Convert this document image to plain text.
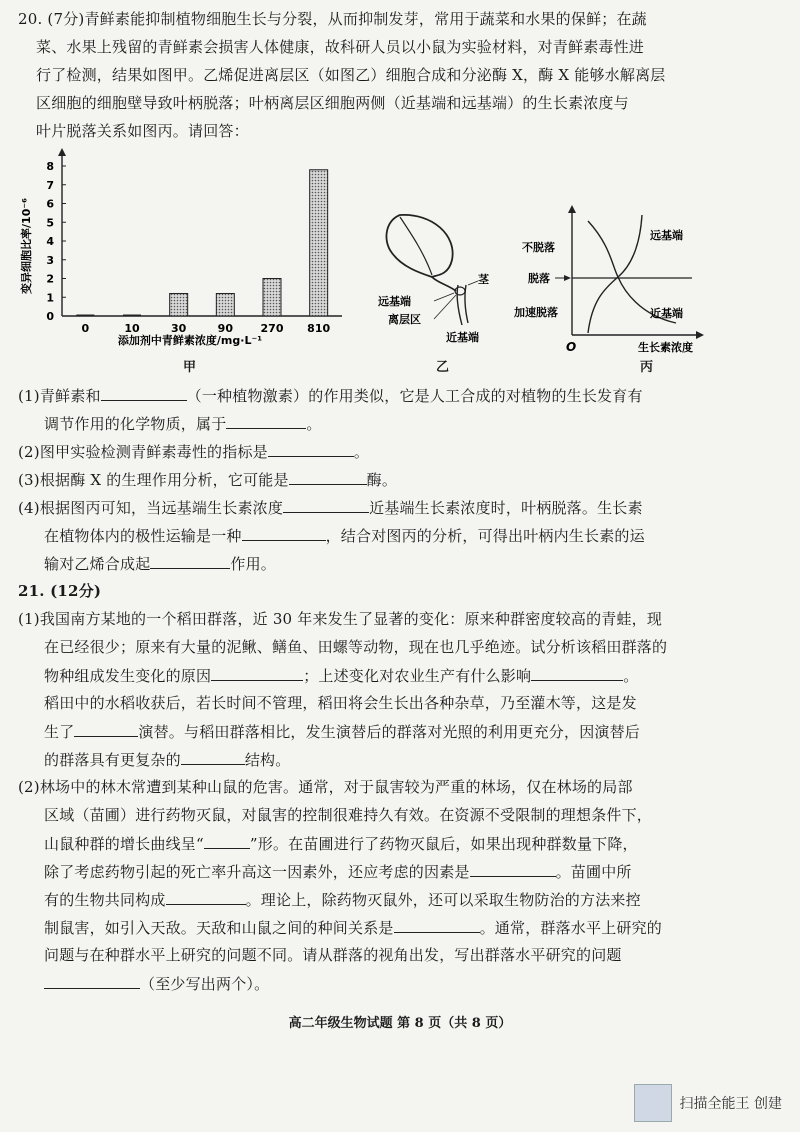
20. (7分)青鲜素能抑制植物细胞生长与分裂，从而抑制发芽，常用于蔬菜和水果的保鲜；在蔬
菜、水果上残留的青鲜素会损害人体健康，故科研人员以小鼠为实验材料，对青鲜素毒性进
行了检测，结果如图甲。乙烯促进离层区（如图乙）细胞合成和分泌酶 X，酶 X 能够水解离层
区细胞的细胞壁导致叶柄脱落；叶柄离层区细胞两侧（近基端和远基端）的生长素浓度与
叶片脱落关系如图丙。请回答：
0
1
2
3
4
5
6
7
8
0	10	30	90	270 810
变异细胞比率/10⁻⁶
添加剂中青鲜素浓度/mg·L⁻¹
甲
茎
远基端
离层区
近基端
乙
不脱落
脱落
加速脱落
远基端
近基端
O	生长素浓度
丙
(1)青鲜素和	（一种植物激素）的作用类似，它是人工合成的对植物的生长发育有
调节作用的化学物质，属于	。
(2)图甲实验检测青鲜素毒性的指标是	。
(3)根据酶 X 的生理作用分析，它可能是	酶。
(4)根据图丙可知，当远基端生长素浓度	近基端生长素浓度时，叶柄脱落。生长素
在植物体内的极性运输是一种	，结合对图丙的分析，可得出叶柄内生长素的运
输对乙烯合成起	作用。
21. (12分)
(1)我国南方某地的一个稻田群落，近 30 年来发生了显著的变化：原来种群密度较高的青蛙，现
在已经很少；原来有大量的泥鳅、鳝鱼、田螺等动物，现在也几乎绝迹。试分析该稻田群落的
物种组成发生变化的原因	；上述变化对农业生产有什么影响	。
稻田中的水稻收获后，若长时间不管理，稻田将会生长出各种杂草，乃至灌木等，这是发
生了	演替。与稻田群落相比，发生演替后的群落对光照的利用更充分，因演替后
的群落具有更复杂的	结构。
(2)林场中的林木常遭到某种山鼠的危害。通常，对于鼠害较为严重的林场，仅在林场的局部
区域（苗圃）进行药物灭鼠，对鼠害的控制很难持久有效。在资源不受限制的理想条件下，
山鼠种群的增长曲线呈“	”形。在苗圃进行了药物灭鼠后，如果出现种群数量下降，
除了考虑药物引起的死亡率升高这一因素外，还应考虑的因素是	。苗圃中所
有的生物共同构成	。理论上，除药物灭鼠外，还可以采取生物防治的方法来控
制鼠害，如引入天敌。天敌和山鼠之间的种间关系是	。通常，群落水平上研究的
问题与在种群水平上研究的问题不同。请从群落的视角出发，写出群落水平研究的问题
（至少写出两个）。
高二年级生物试题 第 8 页（共 8 页）
扫描全能王 创建
